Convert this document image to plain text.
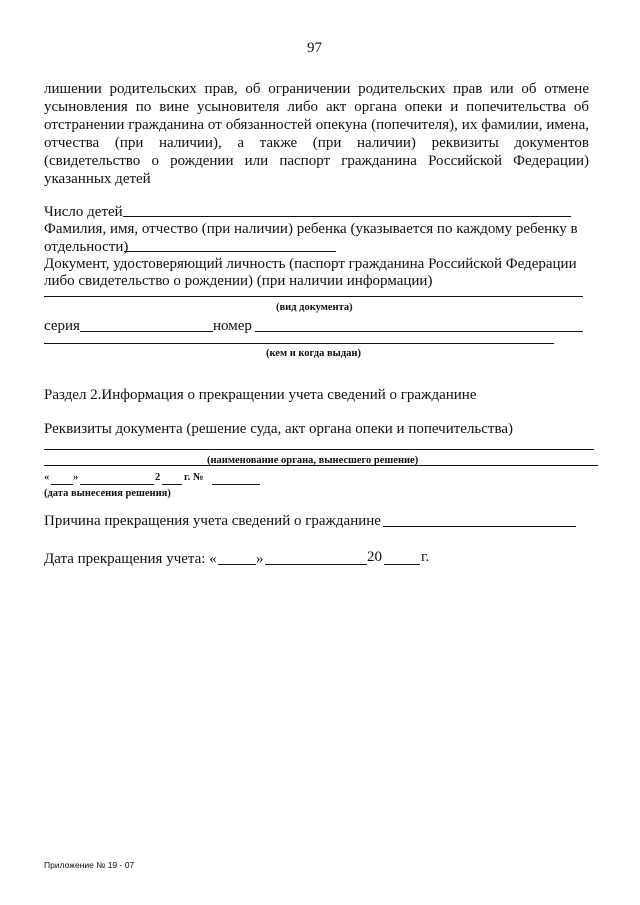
97
лишении родительских прав, об ограничении родительских прав или об отмене усыновления по вине усыновителя либо акт органа опеки и попечительства об отстранении гражданина от обязанностей опекуна (попечителя), их фамилии, имена, отчества (при наличии), а также (при наличии) реквизиты документов (свидетельство о рождении или паспорт гражданина Российской Федерации) указанных детей
Число детей
Фамилия, имя, отчество (при наличии) ребенка (указывается по каждому ребенку в
отдельности)
Документ, удостоверяющий личность (паспорт гражданина Российской Федерации
либо свидетельство о рождении) (при наличии информации)
(вид документа)
серия	номер
(кем и когда выдан)
Раздел 2.Информация о прекращении учета сведений о гражданине
Реквизиты документа (решение суда, акт органа опеки и попечительства)
(наименование органа, вынесшего решение)
« »	2 г. №
(дата вынесения решения)
Причина прекращения учета сведений о гражданине
Дата прекращения учета: «	»	20	г.
Приложение № 19 - 07
